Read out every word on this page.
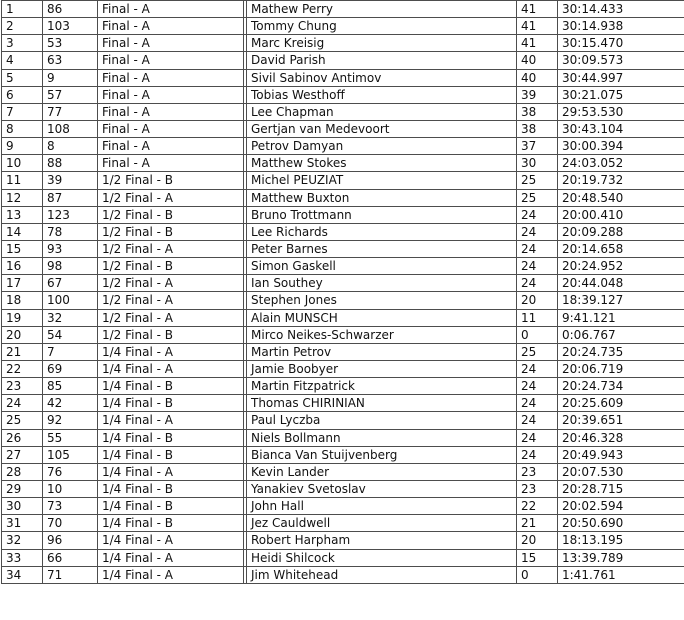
1	86	Final - A		Mathew Perry	41	30:14.433
2	103	Final - A		Tommy Chung	41	30:14.938
3	53	Final - A		Marc Kreisig	41	30:15.470
4	63	Final - A		David Parish	40	30:09.573
5	9	Final - A		Sivil Sabinov Antimov	40	30:44.997
6	57	Final - A		Tobias Westhoff	39	30:21.075
7	77	Final - A		Lee Chapman	38	29:53.530
8	108	Final - A		Gertjan van Medevoort	38	30:43.104
9	8	Final - A		Petrov Damyan	37	30:00.394
10	88	Final - A		Matthew Stokes	30	24:03.052
11	39	1/2 Final - B		Michel PEUZIAT	25	20:19.732
12	87	1/2 Final - A		Matthew Buxton	25	20:48.540
13	123	1/2 Final - B		Bruno Trottmann	24	20:00.410
14	78	1/2 Final - B		Lee Richards	24	20:09.288
15	93	1/2 Final - A		Peter Barnes	24	20:14.658
16	98	1/2 Final - B		Simon Gaskell	24	20:24.952
17	67	1/2 Final - A		Ian Southey	24	20:44.048
18	100	1/2 Final - A		Stephen Jones	20	18:39.127
19	32	1/2 Final - A		Alain MUNSCH	11	9:41.121
20	54	1/2 Final - B		Mirco Neikes-Schwarzer	0	0:06.767
21	7	1/4 Final - A		Martin Petrov	25	20:24.735
22	69	1/4 Final - A		Jamie Boobyer	24	20:06.719
23	85	1/4 Final - B		Martin Fitzpatrick	24	20:24.734
24	42	1/4 Final - B		Thomas CHIRINIAN	24	20:25.609
25	92	1/4 Final - A		Paul Lyczba	24	20:39.651
26	55	1/4 Final - B		Niels Bollmann	24	20:46.328
27	105	1/4 Final - B		Bianca Van Stuijvenberg	24	20:49.943
28	76	1/4 Final - A		Kevin Lander	23	20:07.530
29	10	1/4 Final - B		Yanakiev Svetoslav	23	20:28.715
30	73	1/4 Final - B		John Hall	22	20:02.594
31	70	1/4 Final - B		Jez Cauldwell	21	20:50.690
32	96	1/4 Final - A		Robert Harpham	20	18:13.195
33	66	1/4 Final - A		Heidi Shilcock	15	13:39.789
34	71	1/4 Final - A		Jim Whitehead	0	1:41.761
